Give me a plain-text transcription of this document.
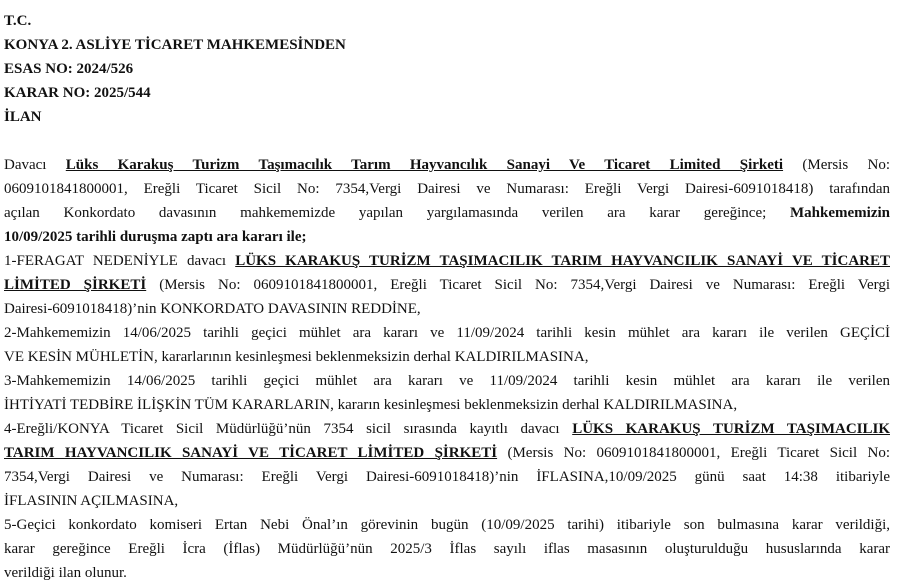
T.C.
KONYA 2. ASLİYE TİCARET MAHKEMESİNDEN
ESAS NO: 2024/526
KARAR NO: 2025/544
İLAN
Davacı Lüks Karakuş Turizm Taşımacılık Tarım Hayvancılık Sanayi Ve Ticaret Limited Şirketi (Mersis No:
0609101841800001, Ereğli Ticaret Sicil No: 7354,Vergi Dairesi ve Numarası: Ereğli Vergi Dairesi-6091018418) tarafından
açılan Konkordato davasının mahkememizde yapılan yargılamasında verilen ara karar gereğince; Mahkememizin
10/09/2025 tarihli duruşma zaptı ara kararı ile;
1-FERAGAT NEDENİYLE davacı LÜKS KARAKUŞ TURİZM TAŞIMACILIK TARIM HAYVANCILIK SANAYİ VE TİCARET
LİMİTED ŞİRKETİ (Mersis No: 0609101841800001, Ereğli Ticaret Sicil No: 7354,Vergi Dairesi ve Numarası: Ereğli Vergi
Dairesi-6091018418)’nin KONKORDATO DAVASININ REDDİNE,
2-Mahkememizin 14/06/2025 tarihli geçici mühlet ara kararı ve 11/09/2024 tarihli kesin mühlet ara kararı ile verilen GEÇİCİ
VE KESİN MÜHLETİN, kararlarının kesinleşmesi beklenmeksizin derhal KALDIRILMASINA,
3-Mahkememizin 14/06/2025 tarihli geçici mühlet ara kararı ve 11/09/2024 tarihli kesin mühlet ara kararı ile verilen
İHTİYATİ TEDBİRE İLİŞKİN TÜM KARARLARIN, kararın kesinleşmesi beklenmeksizin derhal KALDIRILMASINA,
4-Ereğli/KONYA Ticaret Sicil Müdürlüğü’nün 7354 sicil sırasında kayıtlı davacı LÜKS KARAKUŞ TURİZM TAŞIMACILIK
TARIM HAYVANCILIK SANAYİ VE TİCARET LİMİTED ŞİRKETİ (Mersis No: 0609101841800001, Ereğli Ticaret Sicil No:
7354,Vergi Dairesi ve Numarası: Ereğli Vergi Dairesi-6091018418)’nin İFLASINA,10/09/2025 günü saat 14:38 itibariyle
İFLASININ AÇILMASINA,
5-Geçici konkordato komiseri Ertan Nebi Önal’ın görevinin bugün (10/09/2025 tarihi) itibariyle son bulmasına karar verildiği,
karar gereğince Ereğli İcra (İflas) Müdürlüğü’nün 2025/3 İflas sayılı iflas masasının oluşturulduğu hususlarında karar
verildiği ilan olunur.
